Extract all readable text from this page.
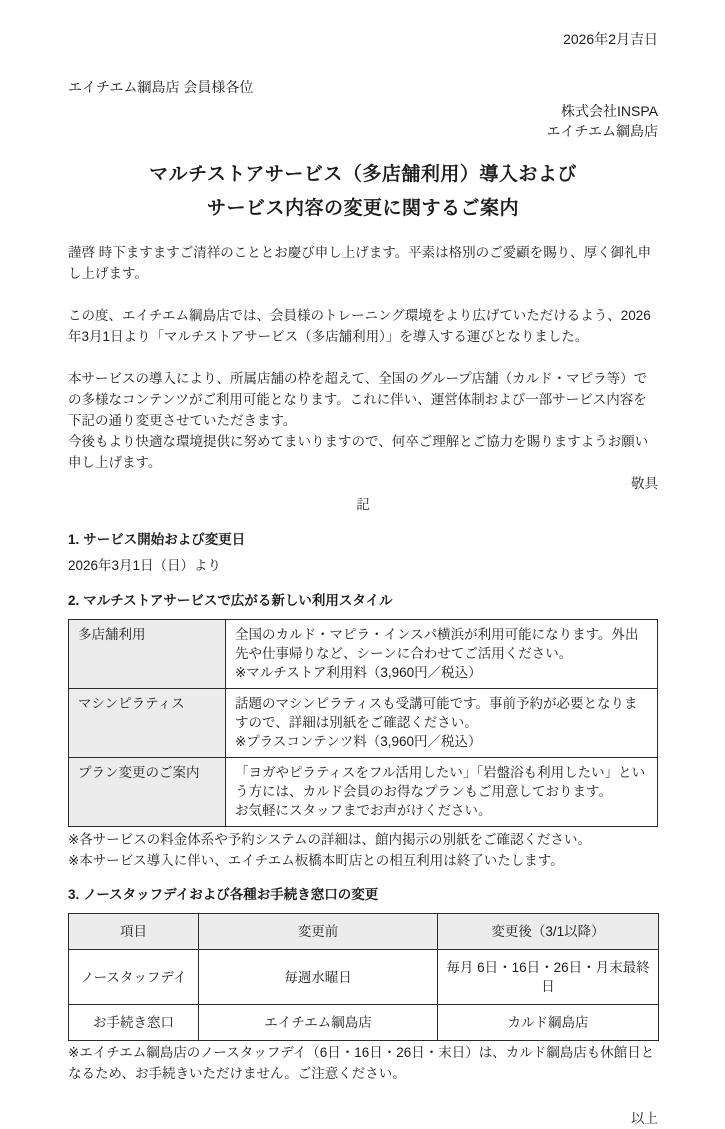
2026年2月吉日

エイチエム綱島店 会員様各位

株式会社INSPA

エイチエム綱島店

マルチストアサービス（多店舗利用）導入および
サービス内容の変更に関するご案内

謹啓 時下ますますご清祥のこととお慶び申し上げます。平素は格別のご愛顧を賜り、厚く御礼申し上げます。

この度、エイチエム綱島店では、会員様のトレーニング環境をより広げていただけるよう、2026年3月1日より「マルチストアサービス（多店舗利用）」を導入する運びとなりました。

本サービスの導入により、所属店舗の枠を超えて、全国のグループ店舗（カルド・マピラ等）での多様なコンテンツがご利用可能となります。これに伴い、運営体制および一部サービス内容を下記の通り変更させていただきます。

今後もより快適な環境提供に努めてまいりますので、何卒ご理解とご協力を賜りますようお願い申し上げます。

敬具

記

1. サービス開始および変更日

2026年3月1日（日）より

2. マルチストアサービスで広がる新しい利用スタイル

多店舗利用	全国のカルド・マピラ・インスパ横浜が利用可能になります。外出先や仕事帰りなど、シーンに合わせてご活用ください。
※マルチストア利用料（3,960円／税込）

マシンピラティス	話題のマシンピラティスも受講可能です。事前予約が必要となりますので、詳細は別紙をご確認ください。
※プラスコンテンツ料（3,960円／税込）

プラン変更のご案内	「ヨガやピラティスをフル活用したい」「岩盤浴も利用したい」という方には、カルド会員のお得なプランもご用意しております。
お気軽にスタッフまでお声がけください。

※各サービスの料金体系や予約システムの詳細は、館内掲示の別紙をご確認ください。

※本サービス導入に伴い、エイチエム板橋本町店との相互利用は終了いたします。

3. ノースタッフデイおよび各種お手続き窓口の変更

項目	変更前	変更後（3/1以降）
ノースタッフデイ	毎週水曜日	毎月 6日・16日・26日・月末最終日
お手続き窓口	エイチエム綱島店	カルド綱島店

※エイチエム綱島店のノースタッフデイ（6日・16日・26日・末日）は、カルド綱島店も休館日となるため、お手続きいただけません。ご注意ください。

以上
